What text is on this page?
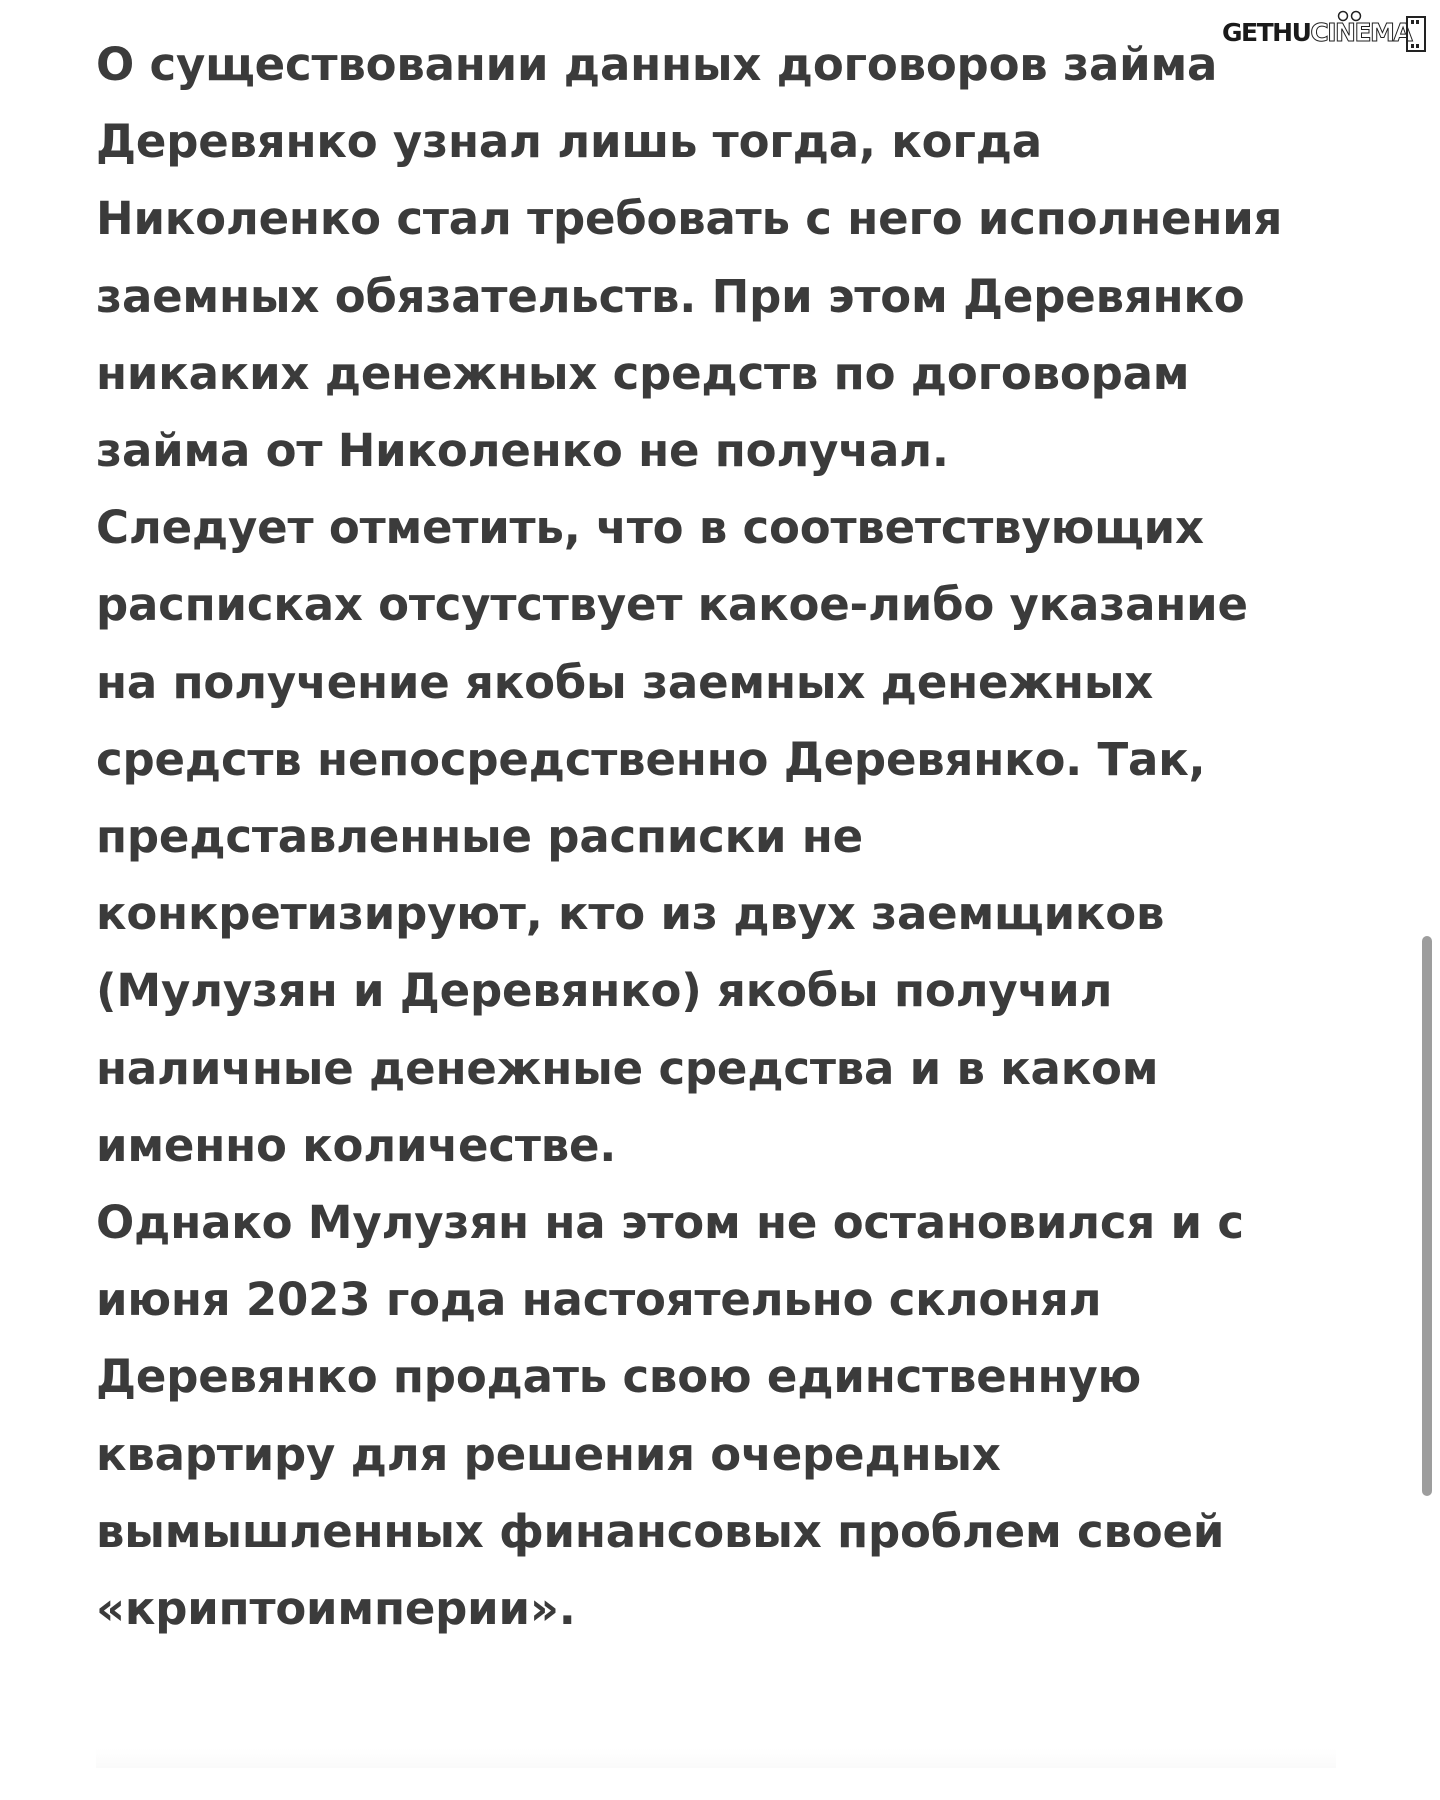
О существовании данных договоров займа
Деревянко узнал лишь тогда, когда
Николенко стал требовать с него исполнения
заемных обязательств. При этом Деревянко
никаких денежных средств по договорам
займа от Николенко не получал.
Следует отметить, что в соответствующих
расписках отсутствует какое-либо указание
на получение якобы заемных денежных
средств непосредственно Деревянко. Так,
представленные расписки не
конкретизируют, кто из двух заемщиков
(Мулузян и Деревянко) якобы получил
наличные денежные средства и в каком
именно количестве.
Однако Мулузян на этом не остановился и с
июня 2023 года настоятельно склонял
Деревянко продать свою единственную
квартиру для решения очередных
вымышленных финансовых проблем своей
«криптоимперии».
GETHUCINEMA
